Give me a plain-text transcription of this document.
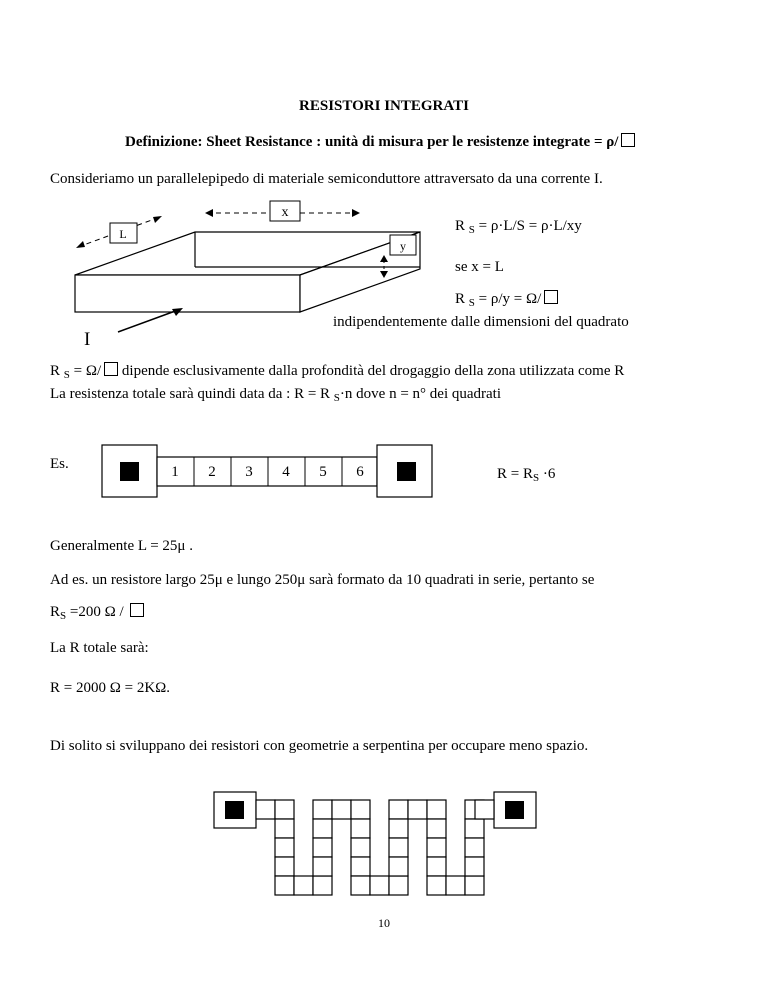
RESISTORI INTEGRATI
Definizione: Sheet Resistance : unità di misura per le resistenze integrate = ρ/
Consideriamo un parallelepipedo di materiale semiconduttore attraversato da una corrente I.
x
L
y
I
R $_S$ = ρ·L/S = ρ·L/xy
se x = L
R $_S$ = ρ/y = Ω/
indipendentemente dalle dimensioni del quadrato
R $_S$ = Ω/ dipende esclusivamente dalla profondità del drogaggio della zona utilizzata come R
La resistenza totale sarà quindi data da : R = R $_S$·n dove n = n° dei quadrati
Es.	1 2 3 4 5 6	$R = R_S \cdot 6$
Generalmente L = 25μ .
Ad es. un resistore largo 25μ e lungo 250μ sarà formato da 10 quadrati in serie, pertanto se
$R_S =200$ Ω /
La R totale sarà:
R = 2000 Ω = 2KΩ.
Di solito si sviluppano dei resistori con geometrie a serpentina per occupare meno spazio.
10
